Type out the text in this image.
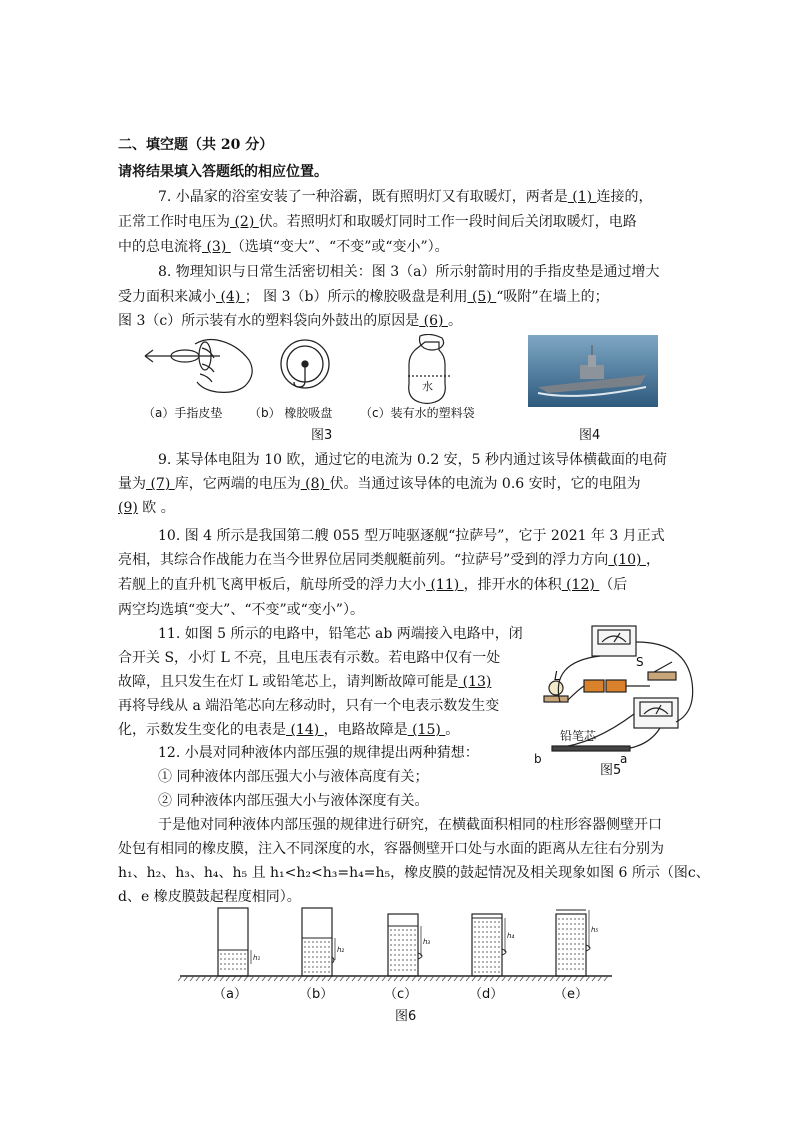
二、填空题（共 20 分）
请将结果填入答题纸的相应位置。
7. 小晶家的浴室安装了一种浴霸，既有照明灯又有取暖灯，两者是 (1) 连接的，
正常工作时电压为 (2) 伏。若照明灯和取暖灯同时工作一段时间后关闭取暖灯，电路
中的总电流将 (3) （选填“变大”、“不变”或“变小”）。
8. 物理知识与日常生活密切相关：图 3（a）所示射箭时用的手指皮垫是通过增大
受力面积来减小 (4) ； 图 3（b）所示的橡胶吸盘是利用 (5) “吸附”在墙上的；
图 3（c）所示装有水的塑料袋向外鼓出的原因是 (6) 。
水
（a）手指皮垫 （b） 橡胶吸盘 （c）装有水的塑料袋
图3	图4
9. 某导体电阻为 10 欧，通过它的电流为 0.2 安，5 秒内通过该导体横截面的电荷
量为 (7) 库，它两端的电压为 (8) 伏。当通过该导体的电流为 0.6 安时，它的电阻为
(9) 欧 。
10. 图 4 所示是我国第二艘 055 型万吨驱逐舰“拉萨号”，它于 2021 年 3 月正式
亮相，其综合作战能力在当今世界位居同类舰艇前列。“拉萨号”受到的浮力方向 (10) ，
若舰上的直升机飞离甲板后，航母所受的浮力大小 (11) ，排开水的体积 (12) （后
两空均选填“变大”、“不变”或“变小”）。
11. 如图 5 所示的电路中，铅笔芯 ab 两端接入电路中，闭
合开关 S，小灯 L 不亮，且电压表有示数。若电路中仅有一处
故障，且只发生在灯 L 或铅笔芯上，请判断故障可能是 (13)
再将导线从 a 端沿笔芯向左移动时，只有一个电表示数发生变
化，示数发生变化的电表是 (14) ，电路故障是 (15) 。
S
L
铅笔芯
b	a
图5
12. 小晨对同种液体内部压强的规律提出两种猜想：
① 同种液体内部压强大小与液体高度有关；
② 同种液体内部压强大小与液体深度有关。
于是他对同种液体内部压强的规律进行研究，在横截面积相同的柱形容器侧壁开口
处包有相同的橡皮膜，注入不同深度的水，容器侧壁开口处与水面的距离从左往右分别为
h₁、h₂、h₃、h₄、h₅ 且 h₁<h₂<h₃=h₄=h₅，橡皮膜的鼓起情况及相关现象如图 6 所示（图c、
d、e 橡皮膜鼓起程度相同）。
h₁
h₂
h₃
h₄
h₅
（a）	（b）	（c）	（d）	（e）
图6
